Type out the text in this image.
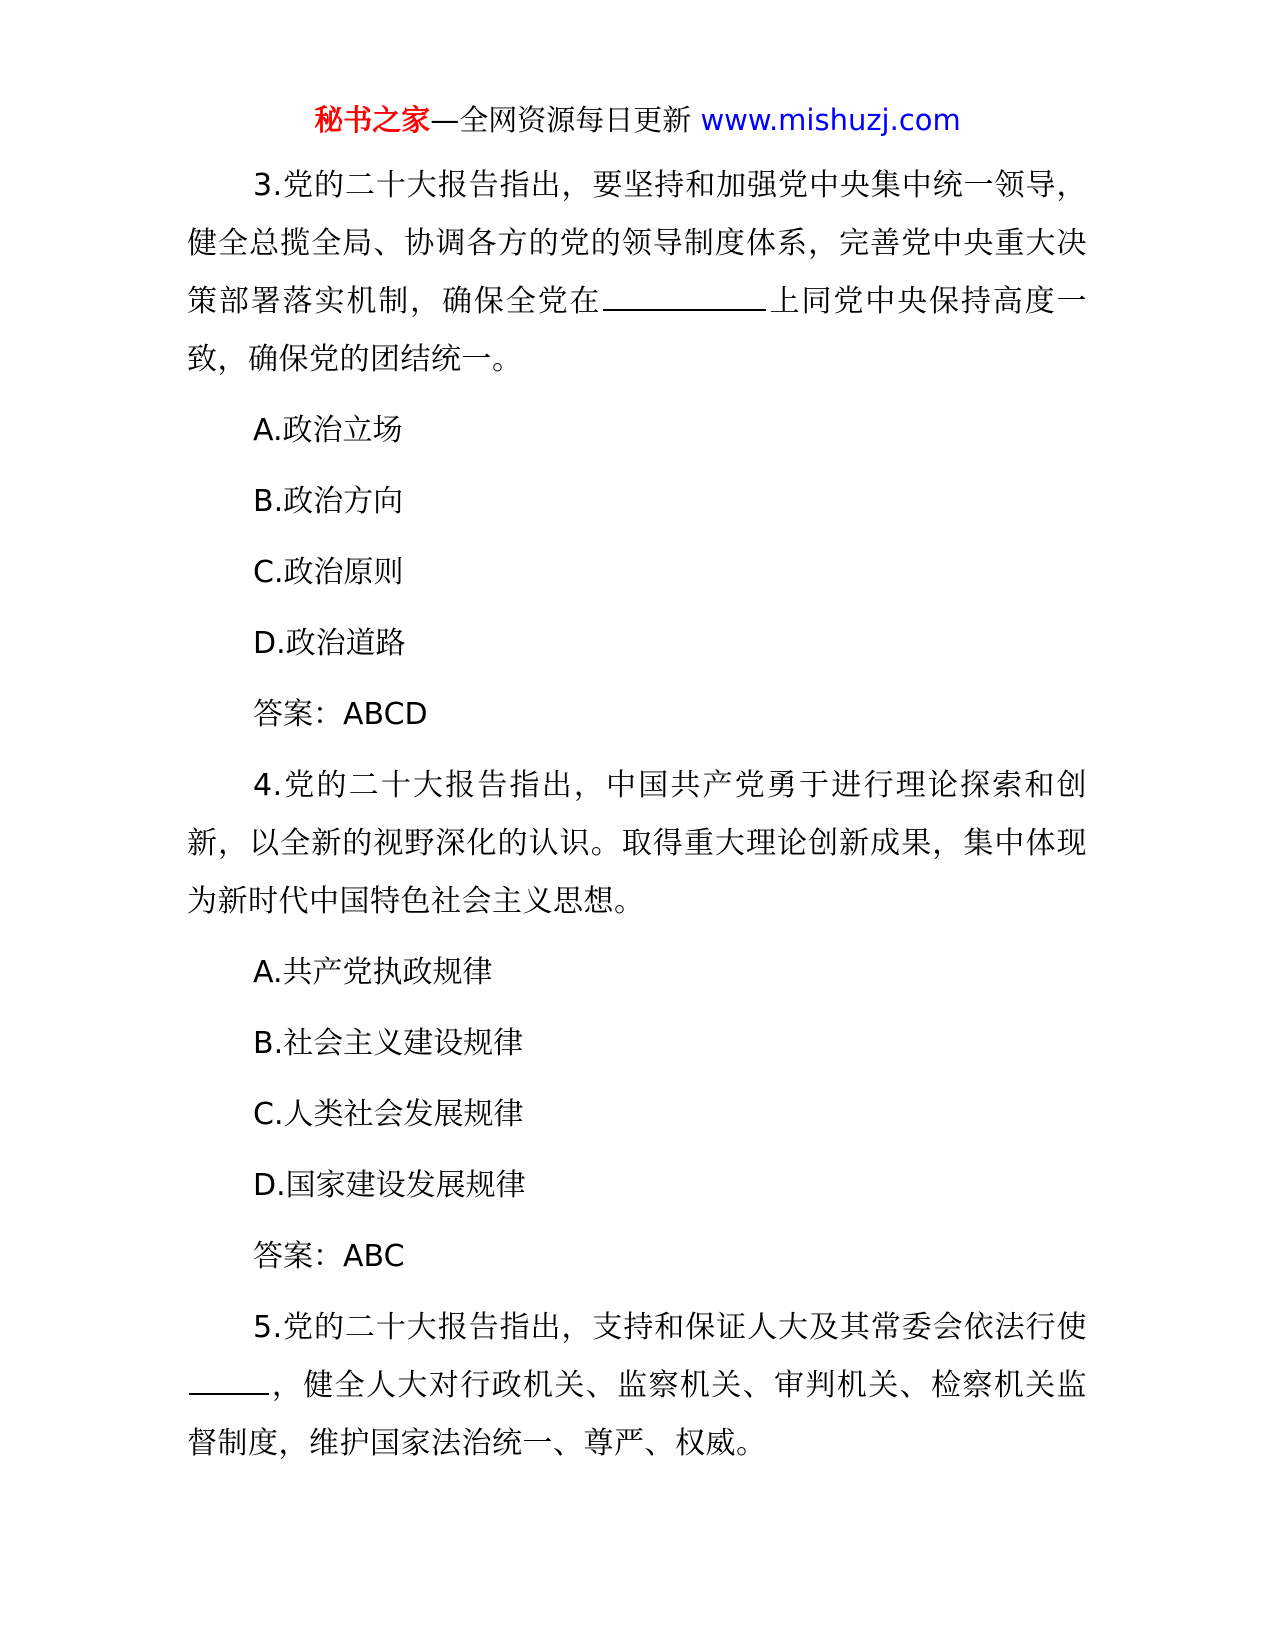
秘书之家—全网资源每日更新 www.mishuzj.com

3.党的二十大报告指出，要坚持和加强党中央集中统一领导，健全总揽全局、协调各方的党的领导制度体系，完善党中央重大决策部署落实机制，确保全党在	上同党中央保持高度一致，确保党的团结统一。

A.政治立场

B.政治方向

C.政治原则

D.政治道路

答案：ABCD

4.党的二十大报告指出，中国共产党勇于进行理论探索和创新，以全新的视野深化的认识。取得重大理论创新成果，集中体现为新时代中国特色社会主义思想。

A.共产党执政规律

B.社会主义建设规律

C.人类社会发展规律

D.国家建设发展规律

答案：ABC

5.党的二十大报告指出，支持和保证人大及其常委会依法行使，健全人大对行政机关、监察机关、审判机关、检察机关监督制度，维护国家法治统一、尊严、权威。
